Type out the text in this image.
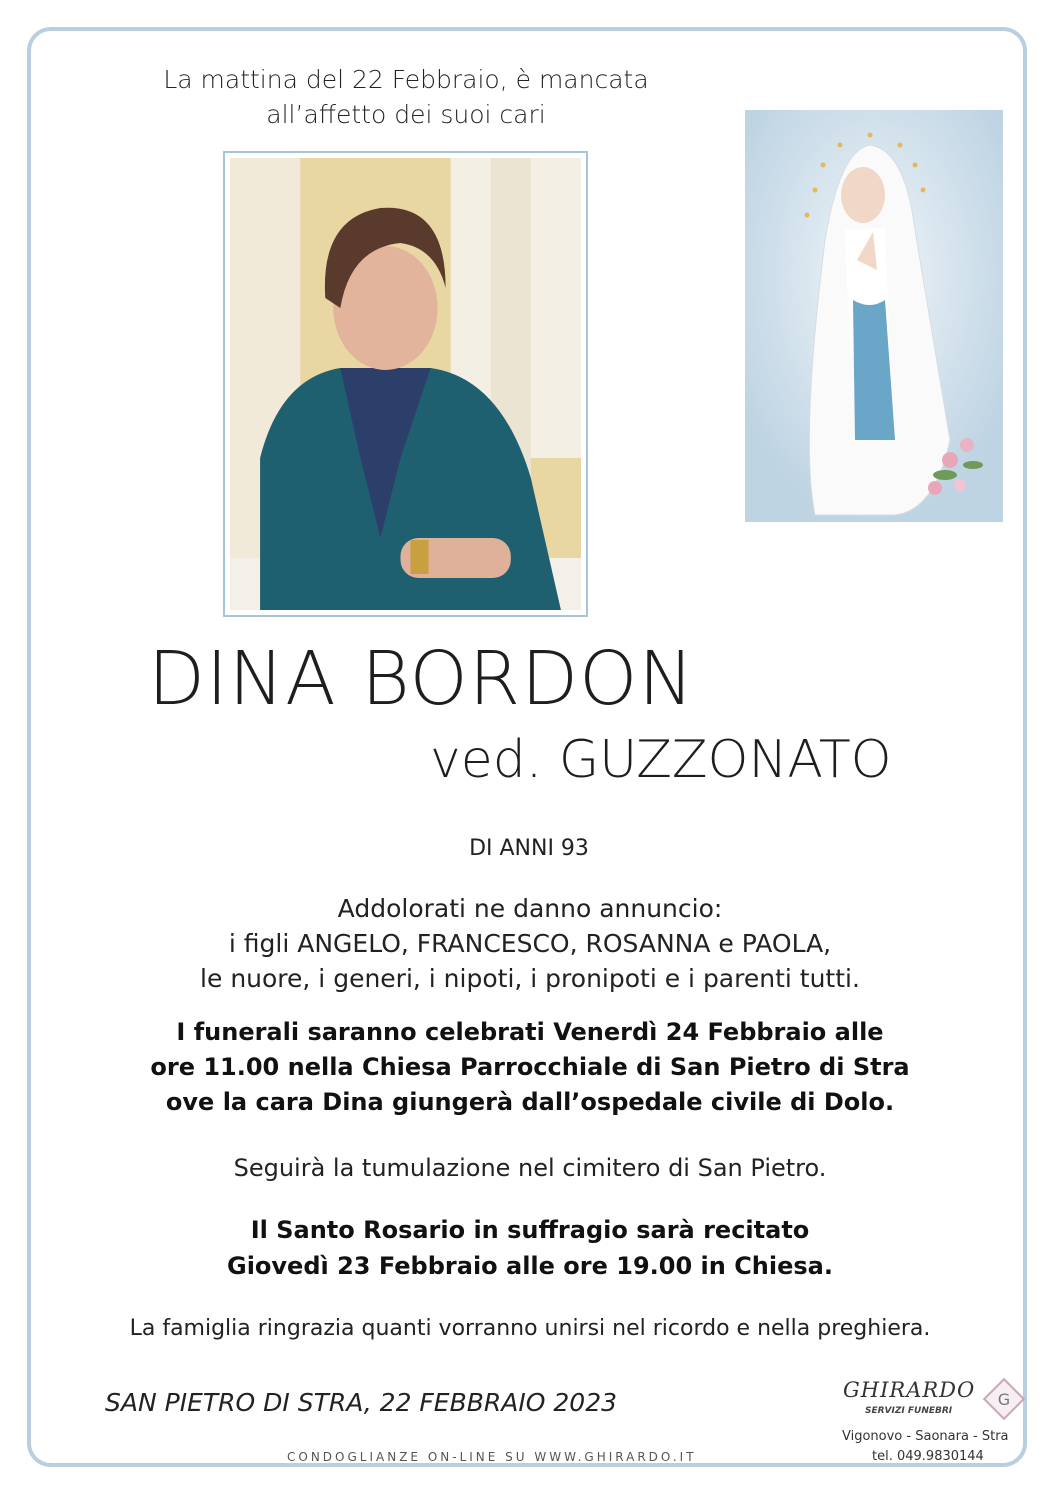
La mattina del 22 Febbraio, è mancata
all’affetto dei suoi cari
DINA BORDON
ved. GUZZONATO
DI ANNI 93
Addolorati ne danno annuncio:
i figli ANGELO, FRANCESCO, ROSANNA e PAOLA,
le nuore, i generi, i nipoti, i pronipoti e i parenti tutti.
I funerali saranno celebrati Venerdì 24 Febbraio alle
ore 11.00 nella Chiesa Parrocchiale di San Pietro di Stra
ove la cara Dina giungerà dall’ospedale civile di Dolo.
Seguirà la tumulazione nel cimitero di San Pietro.
Il Santo Rosario in suffragio sarà recitato
Giovedì 23 Febbraio alle ore 19.00 in Chiesa.
La famiglia ringrazia quanti vorranno unirsi nel ricordo e nella preghiera.
SAN PIETRO DI STRA, 22 FEBBRAIO 2023
CONDOGLIANZE ON-LINE SU WWW.GHIRARDO.IT
GHIRARDO
SERVIZI FUNEBRI
G
Vigonovo - Saonara - Stra
tel. 049.9830144
